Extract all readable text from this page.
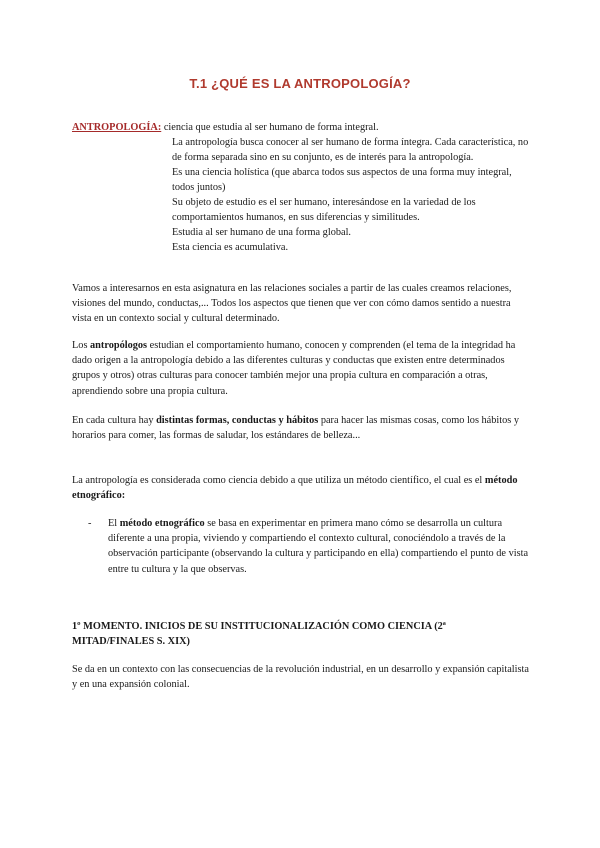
T.1 ¿QUÉ ES LA ANTROPOLOGÍA?
ANTROPOLOGÍA: ciencia que estudia al ser humano de forma integral.
La antropología busca conocer al ser humano de forma íntegra. Cada característica, no de forma separada sino en su conjunto, es de interés para la antropología.
Es una ciencia holística (que abarca todos sus aspectos de una forma muy integral, todos juntos)
Su objeto de estudio es el ser humano, interesándose en la variedad de los comportamientos humanos, en sus diferencias y similitudes.
Estudia al ser humano de una forma global.
Esta ciencia es acumulativa.
Vamos a interesarnos en esta asignatura en las relaciones sociales a partir de las cuales creamos relaciones, visiones del mundo, conductas,... Todos los aspectos que tienen que ver con cómo damos sentido a nuestra vista en un contexto social y cultural determinado.
Los antropólogos estudian el comportamiento humano, conocen y comprenden (el tema de la integridad ha dado origen a la antropología debido a las diferentes culturas y conductas que existen entre determinados grupos y otros) otras culturas para conocer también mejor una propia cultura en comparación a otras, aprendiendo sobre una propia cultura.
En cada cultura hay distintas formas, conductas y hábitos para hacer las mismas cosas, como los hábitos y horarios para comer, las formas de saludar, los estándares de belleza...
La antropología es considerada como ciencia debido a que utiliza un método científico, el cual es el método etnográfico:
-	El método etnográfico se basa en experimentar en primera mano cómo se desarrolla un cultura diferente a una propia, viviendo y compartiendo el contexto cultural, conociéndolo a través de la observación participante (observando la cultura y participando en ella) compartiendo el punto de vista entre tu cultura y la que observas.
1º MOMENTO. INICIOS DE SU INSTITUCIONALIZACIÓN COMO CIENCIA (2ª MITAD/FINALES S. XIX)
Se da en un contexto con las consecuencias de la revolución industrial, en un desarrollo y expansión capitalista y en una expansión colonial.
